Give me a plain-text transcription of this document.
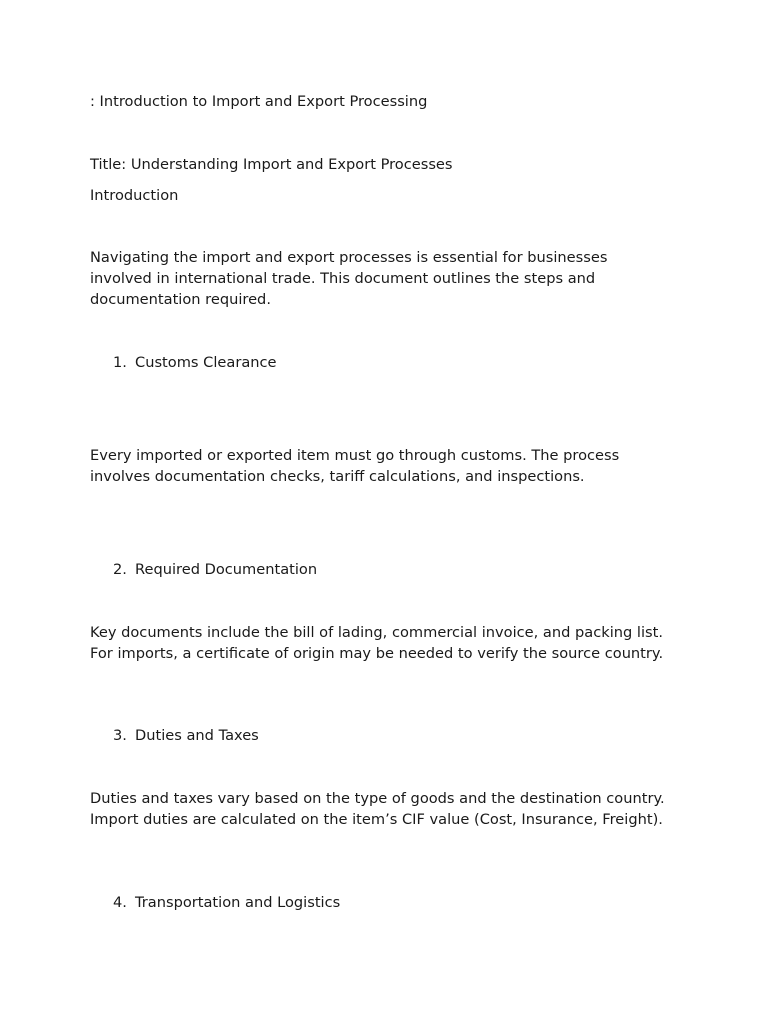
: Introduction to Import and Export Processing

Title: Understanding Import and Export Processes

Introduction

Navigating the import and export processes is essential for businesses involved in international trade. This document outlines the steps and documentation required.

1. Customs Clearance

Every imported or exported item must go through customs. The process involves documentation checks, tariff calculations, and inspections.

2. Required Documentation

Key documents include the bill of lading, commercial invoice, and packing list. For imports, a certificate of origin may be needed to verify the source country.

3. Duties and Taxes

Duties and taxes vary based on the type of goods and the destination country. Import duties are calculated on the item’s CIF value (Cost, Insurance, Freight).

4. Transportation and Logistics
